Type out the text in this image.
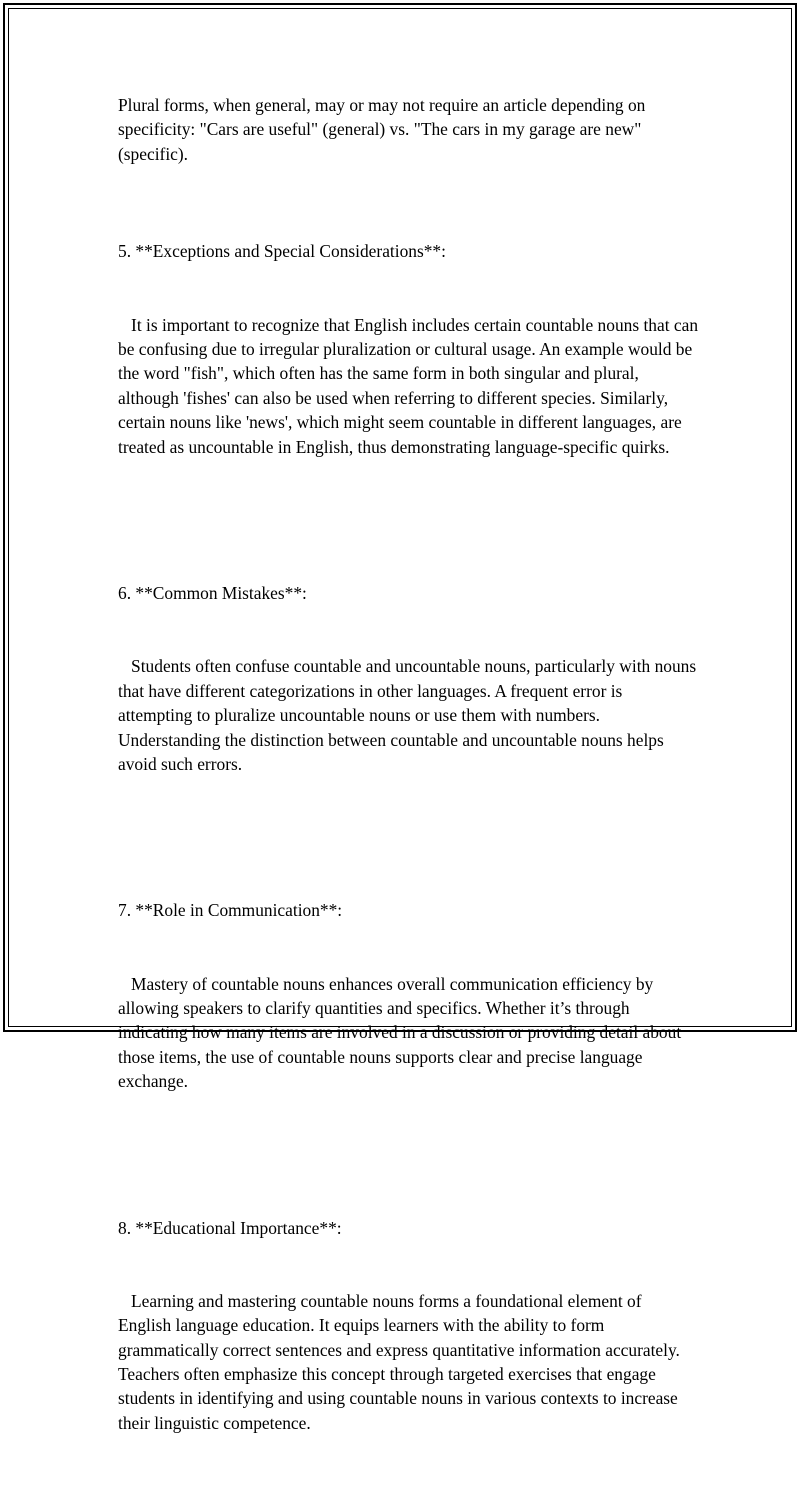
Plural forms, when general, may or may not require an article depending on specificity: "Cars are useful" (general) vs. "The cars in my garage are new" (specific).

5. **Exceptions and Special Considerations**:

It is important to recognize that English includes certain countable nouns that can be confusing due to irregular pluralization or cultural usage. An example would be the word "fish", which often has the same form in both singular and plural, although 'fishes' can also be used when referring to different species. Similarly, certain nouns like 'news', which might seem countable in different languages, are treated as uncountable in English, thus demonstrating language-specific quirks.

6. **Common Mistakes**:

Students often confuse countable and uncountable nouns, particularly with nouns that have different categorizations in other languages. A frequent error is attempting to pluralize uncountable nouns or use them with numbers. Understanding the distinction between countable and uncountable nouns helps avoid such errors.

7. **Role in Communication**:

Mastery of countable nouns enhances overall communication efficiency by allowing speakers to clarify quantities and specifics. Whether it’s through indicating how many items are involved in a discussion or providing detail about those items, the use of countable nouns supports clear and precise language exchange.

8. **Educational Importance**:

Learning and mastering countable nouns forms a foundational element of English language education. It equips learners with the ability to form grammatically correct sentences and express quantitative information accurately. Teachers often emphasize this concept through targeted exercises that engage students in identifying and using countable nouns in various contexts to increase their linguistic competence.
